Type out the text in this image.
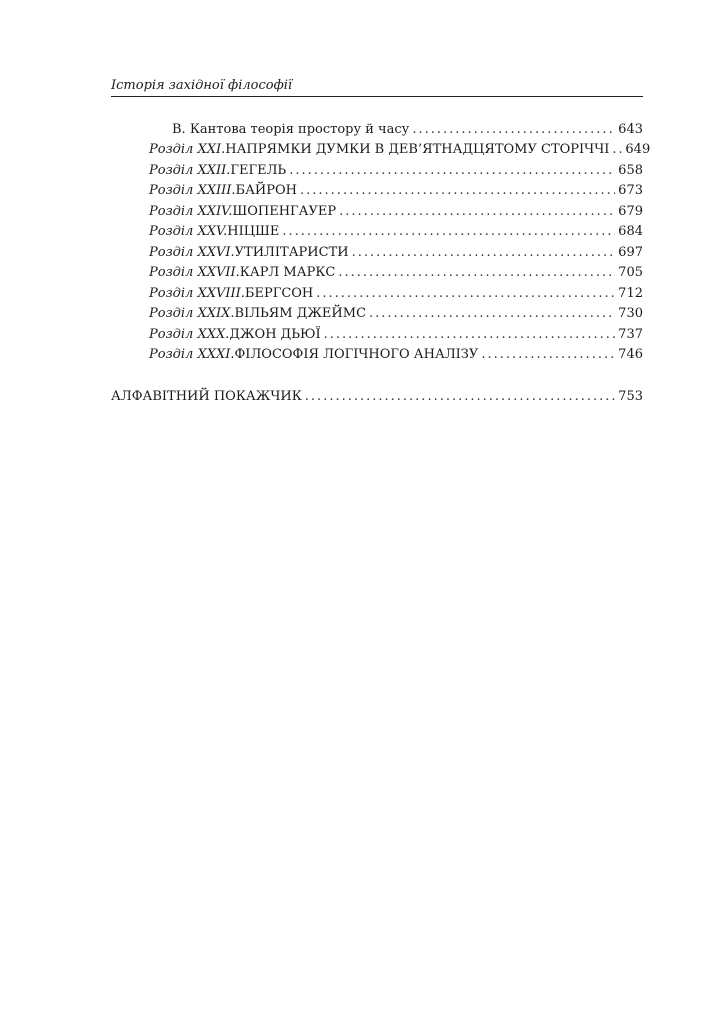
Історія західної філософії
B. Кантова теорія простору й часу .....	643
Розділ XXI. НАПРЯМКИ ДУМКИ В ДЕВ’ЯТНАДЦЯТОМУ СТОРІЧЧІ ..... 649
Розділ XXII. ГЕГЕЛЬ .....	658
Розділ XXIII. БАЙРОН .....	673
Розділ XXIV. ШОПЕНГАУЕР .....	679
Розділ XXV. НІЦШЕ .....	684
Розділ XXVI. УТИЛІТАРИСТИ .....	697
Розділ XXVII. КАРЛ МАРКС .....	705
Розділ XXVIII. БЕРГСОН .....	712
Розділ XXIX. ВІЛЬЯМ ДЖЕЙМС .....	730
Розділ XXX. ДЖОН ДЬЮЇ .....	737
Розділ XXXI. ФІЛОСОФІЯ ЛОГІЧНОГО АНАЛІЗУ .....	746
АЛФАВІТНИЙ ПОКАЖЧИК .....	753
